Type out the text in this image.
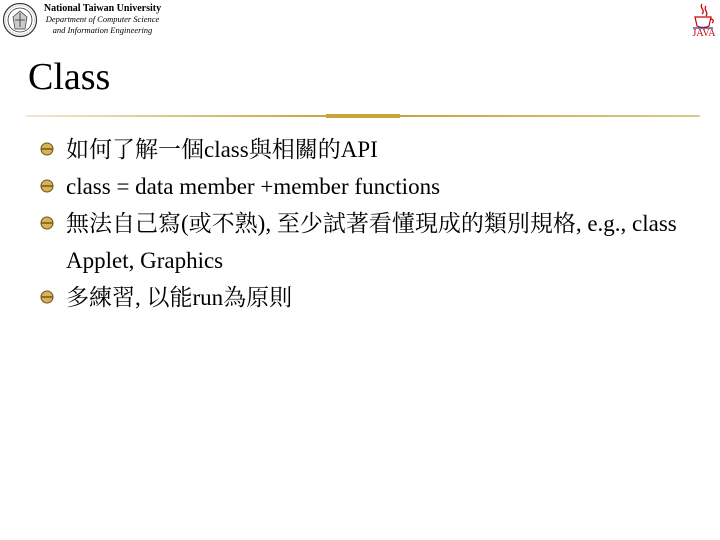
National Taiwan University
Department of Computer Science
and Information Engineering	JAVA
Class
如何了解一個class與相關的API
class = data member +member functions
無法自己寫(或不熟), 至少試著看懂現成的類別規格, e.g., class Applet, Graphics
多練習, 以能run為原則
